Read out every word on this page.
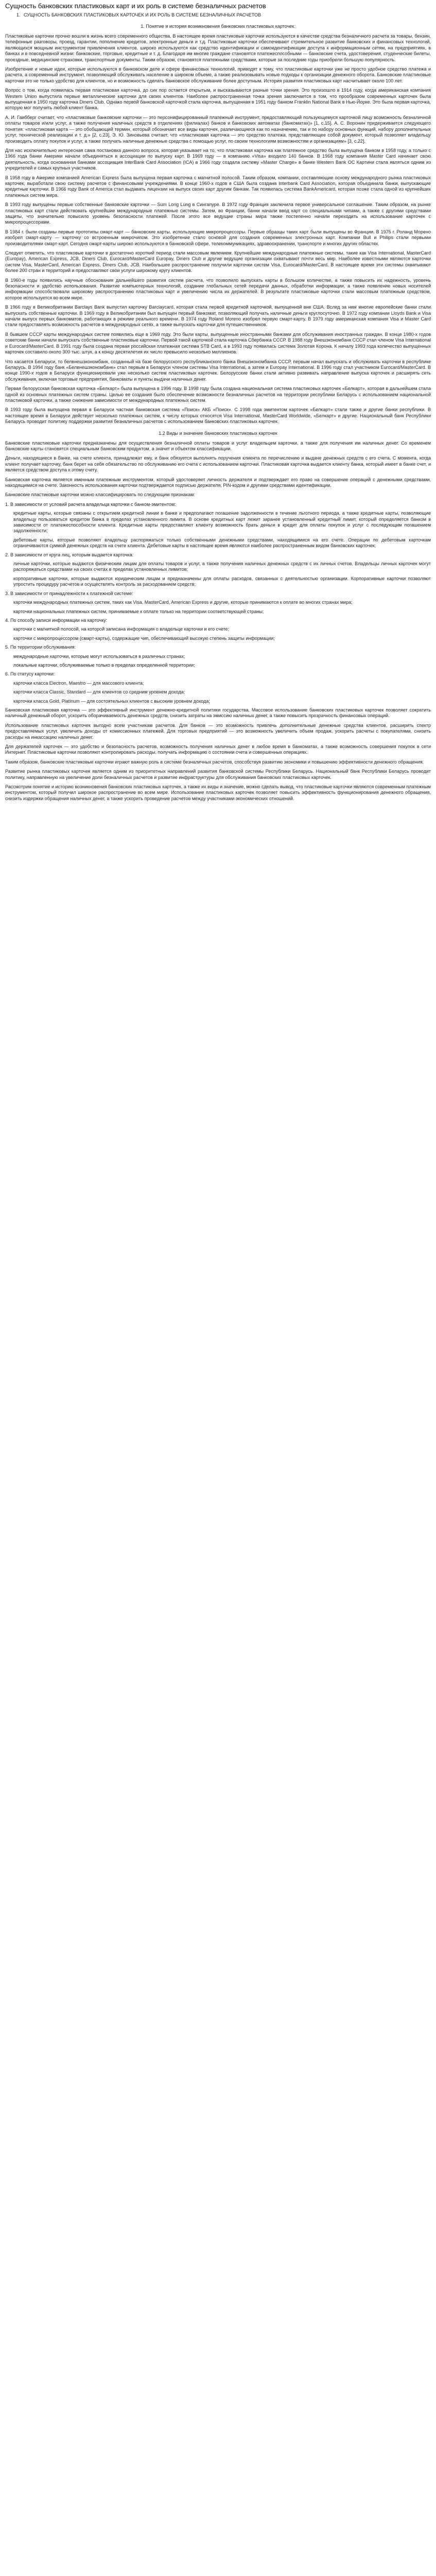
Сущность банковских пластиковых карт и их роль в системе безналичных расчетов

1. СУЩНОСТЬ БАНКОВСКИХ ПЛАСТИКОВЫХ КАРТОЧЕК И ИХ РОЛЬ В СИСТЕМЕ БЕЗНАЛИЧНЫХ РАСЧЕТОВ

1. Понятие и история возникновения банковских пластиковых карточек.

Пластиковые карточки прочно вошли в жизнь всего современного общества. В настоящее время пластиковые карточки используются в качестве средства безналичного расчета за товары, бензин, телефонные разговоры, проезд, гарантии, пополнение кредитов, электронные деньги и т.д. Пластиковые карточки обеспечивают стремительное развитие банковских и финансовых технологий, являющихся мощным инструментом привлечения клиентов, широко используются как средство идентификации и самоидентификации доступа к информационным сетям, на предприятиях, в банках и в повседневной жизни: банковские, торговые, кредитные и т. д. Благодаря им многие граждане становятся платежеспособными — банковские счета, удостоверения, студенческие билеты, проездные, медицинские страховки, транспортные документы. Таким образом, становятся платежными средствами, которые за последние годы приобрели большую популярность.

Изобретение и новые идеи, которые используются в банковском деле и сфере финансовых технологий, приводят к тому, что пластиковые карточки уже не просто удобное средство платежа и расчета, а современный инструмент, позволяющий обслуживать население в широком объеме, а также реализовывать новые подходы к организации денежного оборота. Банковские пластиковые карточки это не только удобство для клиентов, но и возможность сделать банковское обслуживание более доступным. История развития пластиковых карт насчитывает около 100 лет.

Вопрос о том, когда появилась первая пластиковая карточка, до сих пор остается открытым, и высказываются разные точки зрения. Это произошло в 1914 году, когда американская компания Western Union выпустила первые металлические карточки для своих клиентов. Наиболее распространенная точка зрения заключается в том, что прообразом современных карточек была выпущенная в 1950 году карточка Diners Club. Однако первой банковской карточкой стала карточка, выпущенная в 1951 году банком Franklin National Bank в Нью-Йорке. Это была первая карточка, которую мог получить любой клиент банка.

А. И. Гаибберг считает, что «пластиковые банковские карточки — это персонифицированный платежный инструмент, предоставляющий пользующемуся карточкой лицу возможность безналичной оплаты товаров и/или услуг, а также получения наличных средств в отделениях (филиалах) банков и банковских автоматах (банкоматах)» [1, с.15]. А. С. Воронин придерживается следующего понятия: «пластиковая карта — это обобщающий термин, который обозначает все виды карточек, различающиеся как по назначению, так и по набору основных функций, набору дополнительных услуг, технической реализации и т. д.» [2, с.23]. Э. Ю. Зиновьева считает, что «пластиковая карточка — это средство платежа, представляющее собой документ, который позволяет владельцу производить оплату покупок и услуг, а также получать наличные денежные средства с помощью услуг, по своим технологиям возможностям и организациям» [3, с.22].

Для нас исключительно интересная сама постановка данного вопроса, которая указывает на то, что пластиковая карточка как платежное средство была выпущена банком в 1958 году, а только с 1966 года банки Америки начали объединяться в ассоциации по выпуску карт. В 1969 году — в компанию «Visa» входило 140 банков. В 1968 году компания Master Card начинает свою деятельность, когда основанная банками ассоциация InterBank Card Association (ICA) в 1966 году создала систему «Master Charge» в банке Western Bank ОС Картини стала являться одним из учредителей и самых крупных участников.

В 1958 году в Америке компанией American Express была выпущена первая карточка с магнитной полосой. Таким образом, компании, составляющие основу международного рынка пластиковых карточек, выработали свою систему расчетов с финансовыми учреждениями. В конце 1960-х годов в США была создана Interbank Card Association, которая объединила банки, выпускающие кредитные карточки. В 1966 году Bank of America стал выдавать лицензии на выпуск своих карт другим банкам. Так появилась система BankAmericard, которая позже стала одной из крупнейших платежных систем мира.

В 1993 году выпущены первые собственные банковские карточки — Sum Long Lung в Сингапуре. В 1972 году Франция заключила первое универсальное соглашение. Таким образом, на рынке пластиковых карт стали действовать крупнейшие международные платежные системы. Затем, во Франции, банки начали ввод карт со специальными чипами, а также с другими средствами защиты, что значительно повысило уровень безопасности платежей. После этого все ведущие страны мира также постепенно начали переходить на использование карточек с микропроцессорами.

В 1984 г. были созданы первые прототипы смарт-карт — банковские карты, использующие микропроцессоры. Первые образцы таких карт были выпущены во Франции. В 1975 г. Роланд Морено изобрел смарт-карту — карточку со встроенным микрочипом. Это изобретение стало основой для создания современных электронных карт. Компании Bull и Philips стали первыми производителями смарт-карт. Сегодня смарт-карты широко используются в банковской сфере, телекоммуникациях, здравоохранении, транспорте и многих других областях.

Следует отметить, что пластиковые карточки в достаточно короткий период стали массовым явлением. Крупнейшие международные платежные системы, такие как Visa International, MasterCard (Europay), American Express, JCB, Diners Club, Eurocard/MasterCard Europay, Diners Club и другие ведущие организации охватывают почти весь мир. Наиболее известными являются карточки систем Visa, MasterCard, American Express, Diners Club, JCB. Наибольшее распространение получили карточки систем Visa, Eurocard/MasterCard. В настоящее время эти системы охватывают более 200 стран и территорий и предоставляют свои услуги широкому кругу клиентов.

В 1960-е годы появились научные обоснования дальнейшего развития систем расчета, что позволило выпускать карты в большом количестве, а также повысить их надежность, уровень безопасности и удобство использования. Развитие компьютерных технологий, создание глобальных сетей передачи данных, обработки информации, а также появление новых носителей информации способствовали широкому распространению пластиковых карт и увеличению числа их держателей. В результате пластиковые карточки стали массовым платежным средством, которое используется во всем мире.

В 1966 году в Великобритании Barclays Bank выпустил карточку Barclaycard, которая стала первой кредитной карточкой, выпущенной вне США. Вслед за ним многие европейские банки стали выпускать собственные карточки. В 1969 году в Великобритании был выпущен первый банкомат, позволяющий получать наличные деньги круглосуточно. В 1972 году компании Lloyds Bank и Visa начали выпуск первых банкоматов, работающих в режиме реального времени. В 1974 году Roland Moreno изобрел первую смарт-карту. В 1979 году американская компания Visa и Master Card стали предоставлять возможность расчетов в международных сетях, а также выпускать карточки для путешественников.

В бывшем СССР карты международных систем появились еще в 1969 году. Это были карты, выпущенные иностранными банками для обслуживания иностранных граждан. В конце 1980-х годов советские банки начали выпускать собственные пластиковые карточки. Первой такой карточкой стала карточка Сбербанка СССР. В 1988 году Внешэкономбанк СССР стал членом Visa International и Eurocard/MasterCard. В 1991 году была создана первая российская платежная система STB Card, а в 1993 году появилась система Золотая Корона. К началу 1993 года количество выпущенных карточек составило около 300 тыс. штук, а к концу десятилетия их число превысило несколько миллионов.

Что касается Беларуси, то белвнешэкономбанк, созданный на базе белорусского республиканского банка Внешэкономбанка СССР, первым начал выпускать и обслуживать карточки в республике Беларусь. В 1994 году банк «Белвнешэкономбанк» стал первым в Беларуси членом системы Visa International, а затем и Europay International. В 1996 году стал участником Eurocard/MasterCard. В конце 1990-х годов в Беларуси функционировали уже несколько систем пластиковых карточек. Белорусские банки стали активно развивать направление выпуска карточек и расширять сеть обслуживания, включая торговые предприятия, банкоматы и пункты выдачи наличных денег.

Первая белорусская банковская карточка «Белкарт» была выпущена в 1996 году. В 1998 году была создана национальная система пластиковых карточек «Белкарт», которая в дальнейшем стала одной из основных платежных систем страны. Целью ее создания было обеспечение возможности безналичных расчетов на территории республики Беларусь с использованием национальной пластиковой карточки, а также снижение зависимости от международных платежных систем.

В 1993 году была выпущена первая в Беларуси частная банковская система «Поиск» АКБ «Поиск». С 1998 года эмитентом карточек «Белкарт» стали также и другие банки республики. В настоящее время в Беларуси действует несколько платежных систем, к числу которых относятся Visa International, MasterCard Worldwide, «Белкарт» и другие. Национальный банк Республики Беларусь проводит политику поддержки развития безналичных расчетов с использованием банковских пластиковых карточек.

1.2 Виды и значение банковских пластиковых карточек

Банковские пластиковые карточки предназначены для осуществления безналичной оплаты товаров и услуг владельцем карточки, а также для получения им наличных денег. Со временем банковские карты становятся специальным банковским продуктом, а значит и объектом классификации.

Деньги, находящиеся в банке, на счете клиента, принадлежат ему, и банк обязуется выполнять поручения клиента по перечислению и выдаче денежных средств с его счета. С момента, когда клиент получает карточку, банк берет на себя обязательство по обслуживанию его счета с использованием карточки. Пластиковая карточка выдается клиенту банка, который имеет в банке счет, и является средством доступа к этому счету.

Банковская карточка является именным платежным инструментом, который удостоверяет личность держателя и подтверждает его право на совершение операций с денежными средствами, находящимися на счете. Законность использования карточки подтверждается подписью держателя, PIN-кодом и другими средствами идентификации.

Банковские пластиковые карточки можно классифицировать по следующим признакам:

1. В зависимости от условий расчета владельца карточки с банком-эмитентом:

кредитные карты, которые связаны с открытием кредитной линии в банке и предполагают погашение задолженности в течение льготного периода, а также кредитные карты, позволяющие владельцу пользоваться кредитом банка в пределах установленного лимита. В основе кредитных карт лежит заранее установленный кредитный лимит, который определяется банком в зависимости от платежеспособности клиента. Кредитные карты предоставляют клиенту возможность брать деньги в кредит для оплаты покупок и услуг с последующим погашением задолженности;

дебетовые карты, которые позволяют владельцу распоряжаться только собственными денежными средствами, находящимися на его счете. Операции по дебетовым карточкам ограничиваются суммой денежных средств на счете клиента. Дебетовые карты в настоящее время являются наиболее распространенным видом банковских карточек;

2. В зависимости от круга лиц, которым выдается карточка:

личные карточки, которые выдаются физическим лицам для оплаты товаров и услуг, а также получения наличных денежных средств с их личных счетов. Владельцы личных карточек могут распоряжаться средствами на своих счетах в пределах установленных лимитов;

корпоративные карточки, которые выдаются юридическим лицам и предназначены для оплаты расходов, связанных с деятельностью организации. Корпоративные карточки позволяют упростить процедуру расчетов и осуществлять контроль за расходованием средств;

3. В зависимости от принадлежности к платежной системе:

карточки международных платежных систем, таких как Visa, MasterCard, American Express и другие, которые принимаются к оплате во многих странах мира;

карточки национальных платежных систем, принимаемые к оплате только на территории соответствующей страны;

4. По способу записи информации на карточку:

карточки с магнитной полосой, на которой записана информация о владельце карточки и его счете;

карточки с микропроцессором (смарт-карты), содержащие чип, обеспечивающий высокую степень защиты информации;

5. По территории обслуживания:

международные карточки, которые могут использоваться в различных странах;

локальные карточки, обслуживаемые только в пределах определенной территории;

6. По статусу карточки:

карточки класса Electron, Maestro — для массового клиента;

карточки класса Classic, Standard — для клиентов со средним уровнем дохода;

карточки класса Gold, Platinum — для состоятельных клиентов с высоким уровнем дохода;

Банковская пластиковая карточка — это эффективный инструмент денежно-кредитной политики государства. Массовое использование банковских пластиковых карточек позволяет сократить наличный денежный оборот, ускорить оборачиваемость денежных средств, снизить затраты на эмиссию наличных денег, а также повысить прозрачность финансовых операций.

Использование пластиковых карточек выгодно всем участникам расчетов. Для банков — это возможность привлечь дополнительные денежные средства клиентов, расширить спектр предоставляемых услуг, увеличить доходы от комиссионных платежей. Для торговых предприятий — это возможность увеличить объем продаж, ускорить расчеты с покупателями, снизить расходы на инкассацию наличных денег.

Для держателей карточек — это удобство и безопасность расчетов, возможность получения наличных денег в любое время в банкоматах, а также возможность совершения покупок в сети Интернет. Пластиковые карточки позволяют контролировать расходы, получать информацию о состоянии счета и совершенных операциях.

Таким образом, банковские пластиковые карточки играют важную роль в системе безналичных расчетов, способствуя развитию экономики и повышению эффективности денежного обращения.

Развитие рынка пластиковых карточек является одним из приоритетных направлений развития банковской системы Республики Беларусь. Национальный банк Республики Беларусь проводит политику, направленную на увеличение доли безналичных расчетов и развитие инфраструктуры для обслуживания банковских пластиковых карточек.

Рассмотрим понятие и историю возникновения банковских пластиковых карточек, а также их виды и значение, можно сделать вывод, что пластиковые карточки являются современным платежным инструментом, который получил широкое распространение во всем мире. Использование пластиковых карточек позволяет повысить эффективность функционирования денежного обращения, снизить издержки обращения наличных денег, а также ускорить проведение расчетов между участниками экономических отношений.
